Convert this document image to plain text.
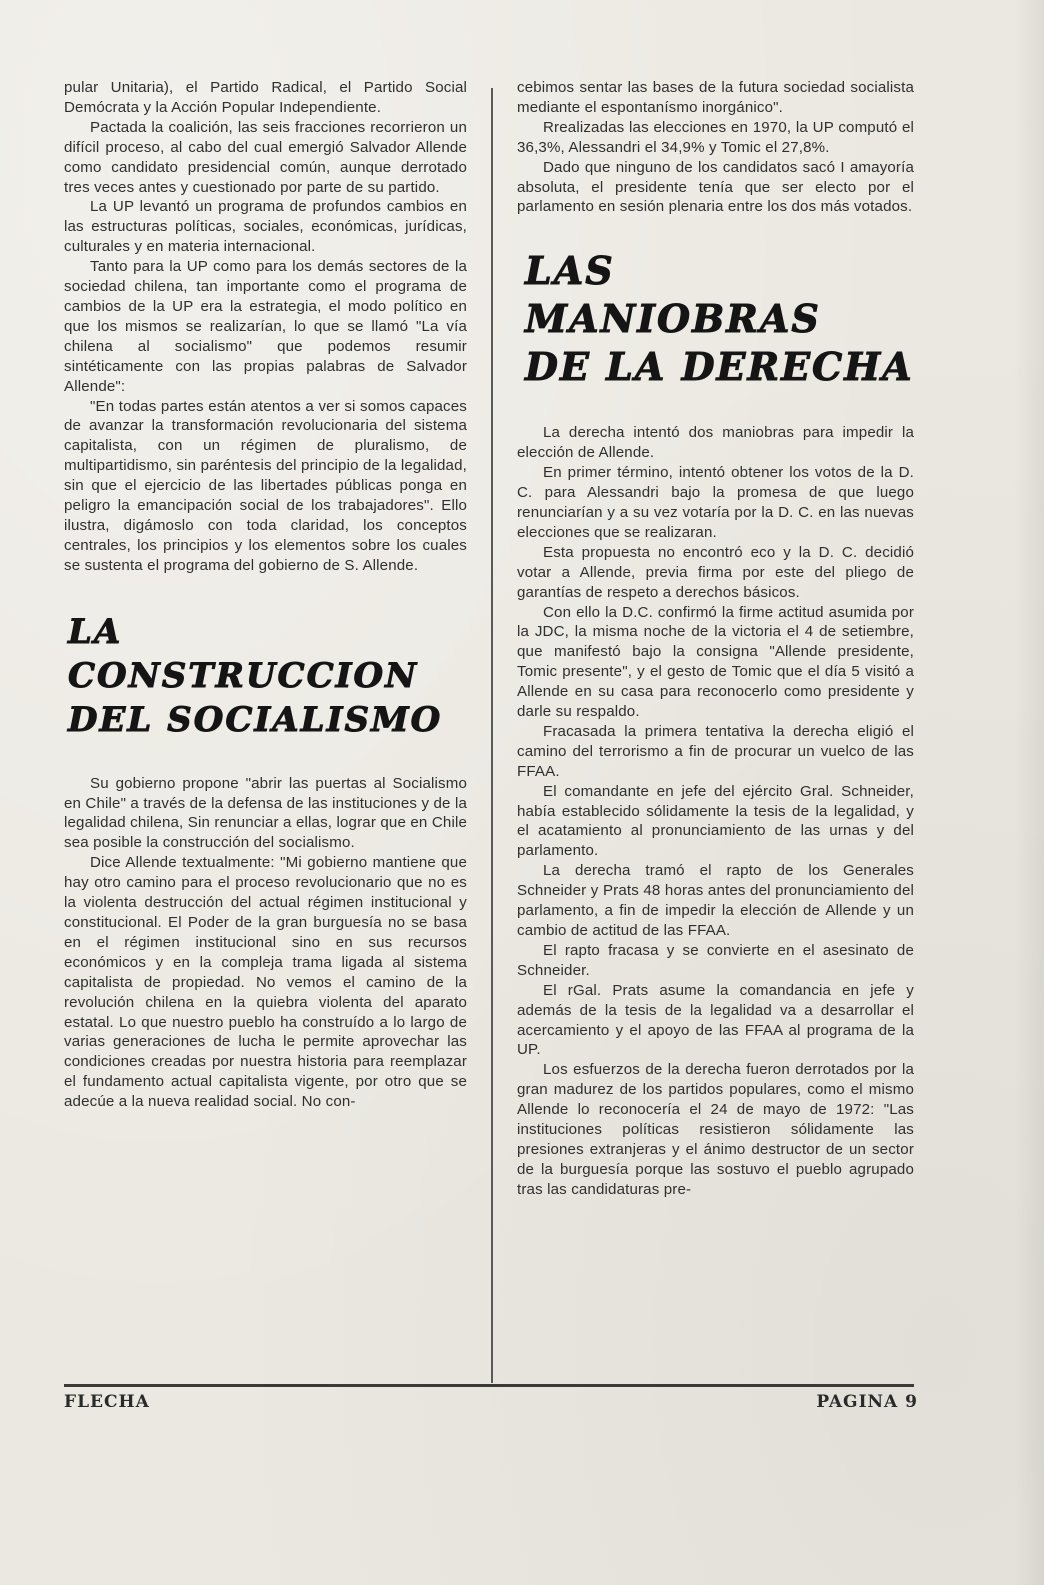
pular Unitaria), el Partido Radical, el Partido Social Demócrata y la Acción Popular Independiente.

Pactada la coalición, las seis fracciones recorrieron un difícil proceso, al cabo del cual emergió Salvador Allende como candidato presidencial común, aunque derrotado tres veces antes y cuestionado por parte de su partido.

La UP levantó un programa de profundos cambios en las estructuras políticas, sociales, económicas, jurídicas, culturales y en materia internacional.

Tanto para la UP como para los demás sectores de la sociedad chilena, tan importante como el programa de cambios de la UP era la estrategia, el modo político en que los mismos se realizarían, lo que se llamó "La vía chilena al socialismo" que podemos resumir sintéticamente con las propias palabras de Salvador Allende":

"En todas partes están atentos a ver si somos capaces de avanzar la transformación revolucionaria del sistema capitalista, con un régimen de pluralismo, de multipartidismo, sin paréntesis del principio de la legalidad, sin que el ejercicio de las libertades públicas ponga en peligro la emancipación social de los trabajadores". Ello ilustra, digámoslo con toda claridad, los conceptos centrales, los principios y los elementos sobre los cuales se sustenta el programa del gobierno de S. Allende.

LA
CONSTRUCCION
DEL SOCIALISMO

Su gobierno propone "abrir las puertas al Socialismo en Chile" a través de la defensa de las instituciones y de la legalidad chilena, Sin renunciar a ellas, lograr que en Chile sea posible la construcción del socialismo.

Dice Allende textualmente: "Mi gobierno mantiene que hay otro camino para el proceso revolucionario que no es la violenta destrucción del actual régimen institucional y constitucional. El Poder de la gran burguesía no se basa en el régimen institucional sino en sus recursos económicos y en la compleja trama ligada al sistema capitalista de propiedad. No vemos el camino de la revolución chilena en la quiebra violenta del aparato estatal. Lo que nuestro pueblo ha construído a lo largo de varias generaciones de lucha le permite aprovechar las condiciones creadas por nuestra historia para reemplazar el fundamento actual capitalista vigente, por otro que se adecúe a la nueva realidad social. No con-

cebimos sentar las bases de la futura sociedad socialista mediante el espontanísmo inorgánico".

Rrealizadas las elecciones en 1970, la UP computó el 36,3%, Alessandri el 34,9% y Tomic el 27,8%.

Dado que ninguno de los candidatos sacó I amayoría absoluta, el presidente tenía que ser electo por el parlamento en sesión plenaria entre los dos más votados.

LAS MANIOBRAS
DE LA DERECHA

La derecha intentó dos maniobras para impedir la elección de Allende.

En primer término, intentó obtener los votos de la D. C. para Alessandri bajo la promesa de que luego renunciarían y a su vez votaría por la D. C. en las nuevas elecciones que se realizaran.

Esta propuesta no encontró eco y la D. C. decidió votar a Allende, previa firma por este del pliego de garantías de respeto a derechos básicos.

Con ello la D.C. confirmó la firme actitud asumida por la JDC, la misma noche de la victoria el 4 de setiembre, que manifestó bajo la consigna "Allende presidente, Tomic presente", y el gesto de Tomic que el día 5 visitó a Allende en su casa para reconocerlo como presidente y darle su respaldo.

Fracasada la primera tentativa la derecha eligió el camino del terrorismo a fin de procurar un vuelco de las FFAA.

El comandante en jefe del ejército Gral. Schneider, había establecido sólidamente la tesis de la legalidad, y el acatamiento al pronunciamiento de las urnas y del parlamento.

La derecha tramó el rapto de los Generales Schneider y Prats 48 horas antes del pronunciamiento del parlamento, a fin de impedir la elección de Allende y un cambio de actitud de las FFAA.

El rapto fracasa y se convierte en el asesinato de Schneider.

El rGal. Prats asume la comandancia en jefe y además de la tesis de la legalidad va a desarrollar el acercamiento y el apoyo de las FFAA al programa de la UP.

Los esfuerzos de la derecha fueron derrotados por la gran madurez de los partidos populares, como el mismo Allende lo reconocería el 24 de mayo de 1972: "Las instituciones políticas resistieron sólidamente las presiones extranjeras y el ánimo destructor de un sector de la burguesía porque las sostuvo el pueblo agrupado tras las candidaturas pre-

FLECHA	PAGINA 9
